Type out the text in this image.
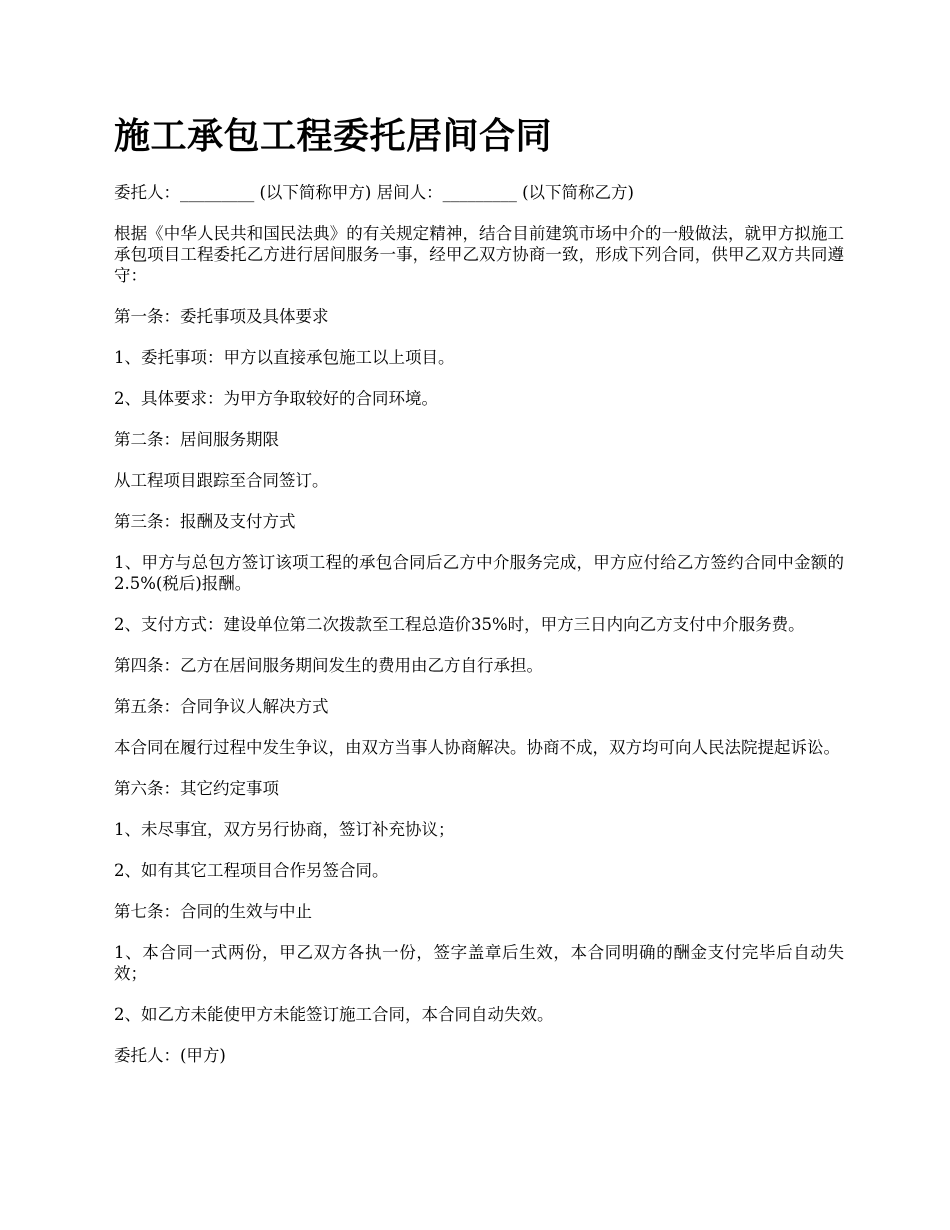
施工承包工程委托居间合同

委托人：_________ (以下简称甲方) 居间人：_________ (以下简称乙方)

根据《中华人民共和国民法典》的有关规定精神，结合目前建筑市场中介的一般做法，就甲方拟施工承包项目工程委托乙方进行居间服务一事，经甲乙双方协商一致，形成下列合同，供甲乙双方共同遵守：

第一条：委托事项及具体要求

1、委托事项：甲方以直接承包施工以上项目。

2、具体要求：为甲方争取较好的合同环境。

第二条：居间服务期限

从工程项目跟踪至合同签订。

第三条：报酬及支付方式

1、甲方与总包方签订该项工程的承包合同后乙方中介服务完成，甲方应付给乙方签约合同中金额的2.5%(税后)报酬。

2、支付方式：建设单位第二次拨款至工程总造价35%时，甲方三日内向乙方支付中介服务费。

第四条：乙方在居间服务期间发生的费用由乙方自行承担。

第五条：合同争议人解决方式

本合同在履行过程中发生争议，由双方当事人协商解决。协商不成，双方均可向人民法院提起诉讼。

第六条：其它约定事项

1、未尽事宜，双方另行协商，签订补充协议；

2、如有其它工程项目合作另签合同。

第七条：合同的生效与中止

1、本合同一式两份，甲乙双方各执一份，签字盖章后生效，本合同明确的酬金支付完毕后自动失效；

2、如乙方未能使甲方未能签订施工合同，本合同自动失效。

委托人：(甲方)
